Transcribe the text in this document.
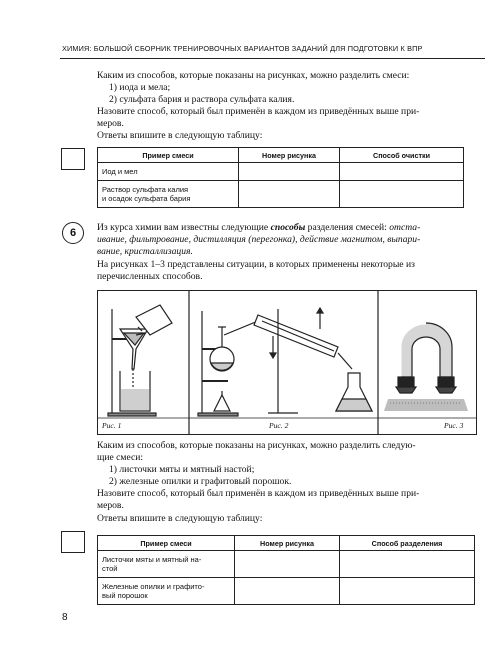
ХИМИЯ: БОЛЬШОЙ СБОРНИК ТРЕНИРОВОЧНЫХ ВАРИАНТОВ ЗАДАНИЙ ДЛЯ ПОДГОТОВКИ К ВПР
Каким из способов, которые показаны на рисунках, можно разделить смеси:
1) иода и мела;
2) сульфата бария и раствора сульфата калия.
Назовите способ, который был применён в каждом из приведённых выше при-
меров.
Ответы впишите в следующую таблицу:
Пример смеси	Номер рисунка	Способ очистки
Иод и мел		
Раствор сульфата калия
и осадок сульфата бария		
6	Из курса химии вам известны следующие способы разделения смесей: отста-
ивание, фильтрование, дистилляция (перегонка), действие магнитом, выпари-
вание, кристаллизация.
На рисунках 1–3 представлены ситуации, в которых применены некоторые из
перечисленных способов.
Рис. 1	Рис. 2	Рис. 3
Каким из способов, которые показаны на рисунках, можно разделить следую-
щие смеси:
1) листочки мяты и мятный настой;
2) железные опилки и графитовый порошок.
Назовите способ, который был применён в каждом из приведённых выше при-
меров.
Ответы впишите в следующую таблицу:
Пример смеси	Номер рисунка	Способ разделения
Листочки мяты и мятный на-
стой		
Железные опилки и графито-
вый порошок		
8
